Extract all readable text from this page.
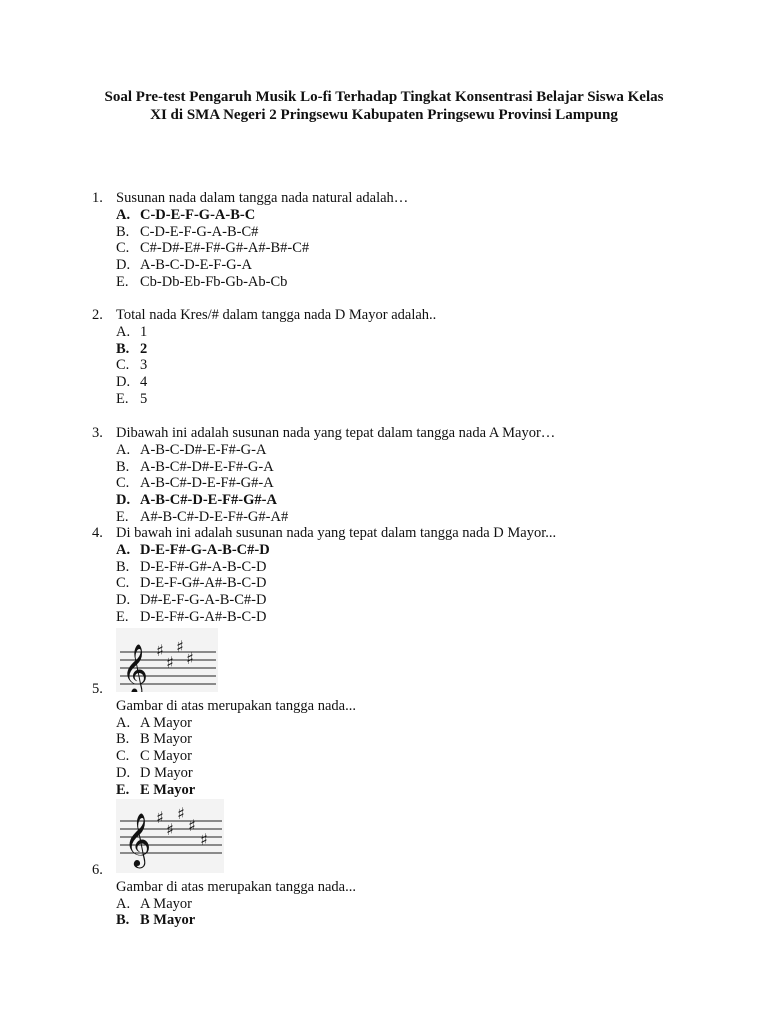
Soal Pre-test Pengaruh Musik Lo-fi Terhadap Tingkat Konsentrasi Belajar Siswa Kelas
XI di SMA Negeri 2 Pringsewu Kabupaten Pringsewu Provinsi Lampung
1. Susunan nada dalam tangga nada natural adalah…
A. C-D-E-F-G-A-B-C
B. C-D-E-F-G-A-B-C#
C. C#-D#-E#-F#-G#-A#-B#-C#
D. A-B-C-D-E-F-G-A
E. Cb-Db-Eb-Fb-Gb-Ab-Cb
2. Total nada Kres/# dalam tangga nada D Mayor adalah..
A. 1
B. 2
C. 3
D. 4
E. 5
3. Dibawah ini adalah susunan nada yang tepat dalam tangga nada A Mayor…
A. A-B-C-D#-E-F#-G-A
B. A-B-C#-D#-E-F#-G-A
C. A-B-C#-D-E-F#-G#-A
D. A-B-C#-D-E-F#-G#-A
E. A#-B-C#-D-E-F#-G#-A#
4. Di bawah ini adalah susunan nada yang tepat dalam tangga nada D Mayor...
A. D-E-F#-G-A-B-C#-D
B. D-E-F#-G#-A-B-C-D
C. D-E-F-G#-A#-B-C-D
D. D#-E-F-G-A-B-C#-D
E. D-E-F#-G-A#-B-C-D
𝄞 ♯
♯
♯
♯
5.
Gambar di atas merupakan tangga nada...
A. A Mayor
B. B Mayor
C. C Mayor
D. D Mayor
E. E Mayor
𝄞 ♯
♯
♯
♯
♯
6.
Gambar di atas merupakan tangga nada...
A. A Mayor
B. B Mayor
